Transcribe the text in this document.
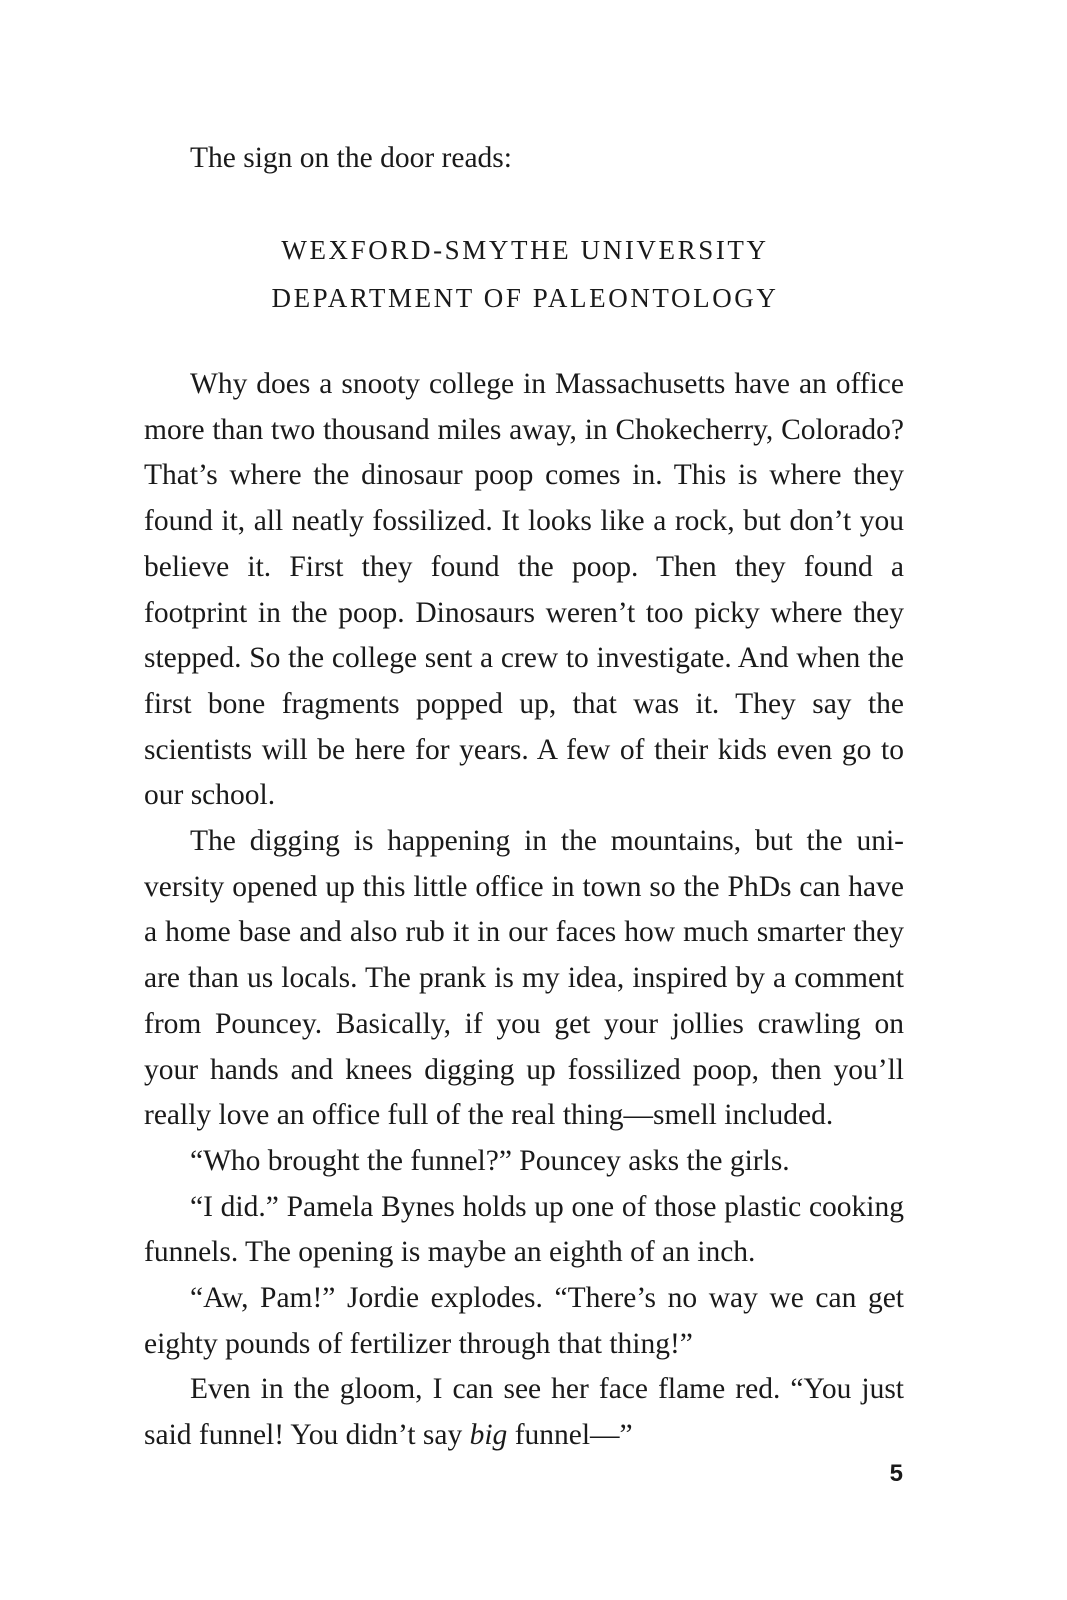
The sign on the door reads:

WEXFORD-SMYTHE UNIVERSITY
DEPARTMENT OF PALEONTOLOGY

Why does a snooty college in Massachusetts have an office more than two thousand miles away, in Chokecherry, Colorado? That’s where the dinosaur poop comes in. This is where they found it, all neatly fossilized. It looks like a rock, but don’t you believe it. First they found the poop. Then they found a footprint in the poop. Dinosaurs weren’t too picky where they stepped. So the college sent a crew to investigate. And when the first bone fragments popped up, that was it. They say the scientists will be here for years. A few of their kids even go to our school.

The digging is happening in the mountains, but the university opened up this little office in town so the PhDs can have a home base and also rub it in our faces how much smarter they are than us locals. The prank is my idea, inspired by a comment from Pouncey. Basically, if you get your jollies crawling on your hands and knees digging up fossilized poop, then you’ll really love an office full of the real thing—smell included.

“Who brought the funnel?” Pouncey asks the girls.

“I did.” Pamela Bynes holds up one of those plastic cooking funnels. The opening is maybe an eighth of an inch.

“Aw, Pam!” Jordie explodes. “There’s no way we can get eighty pounds of fertilizer through that thing!”

Even in the gloom, I can see her face flame red. “You just said funnel! You didn’t say big funnel—”

5
